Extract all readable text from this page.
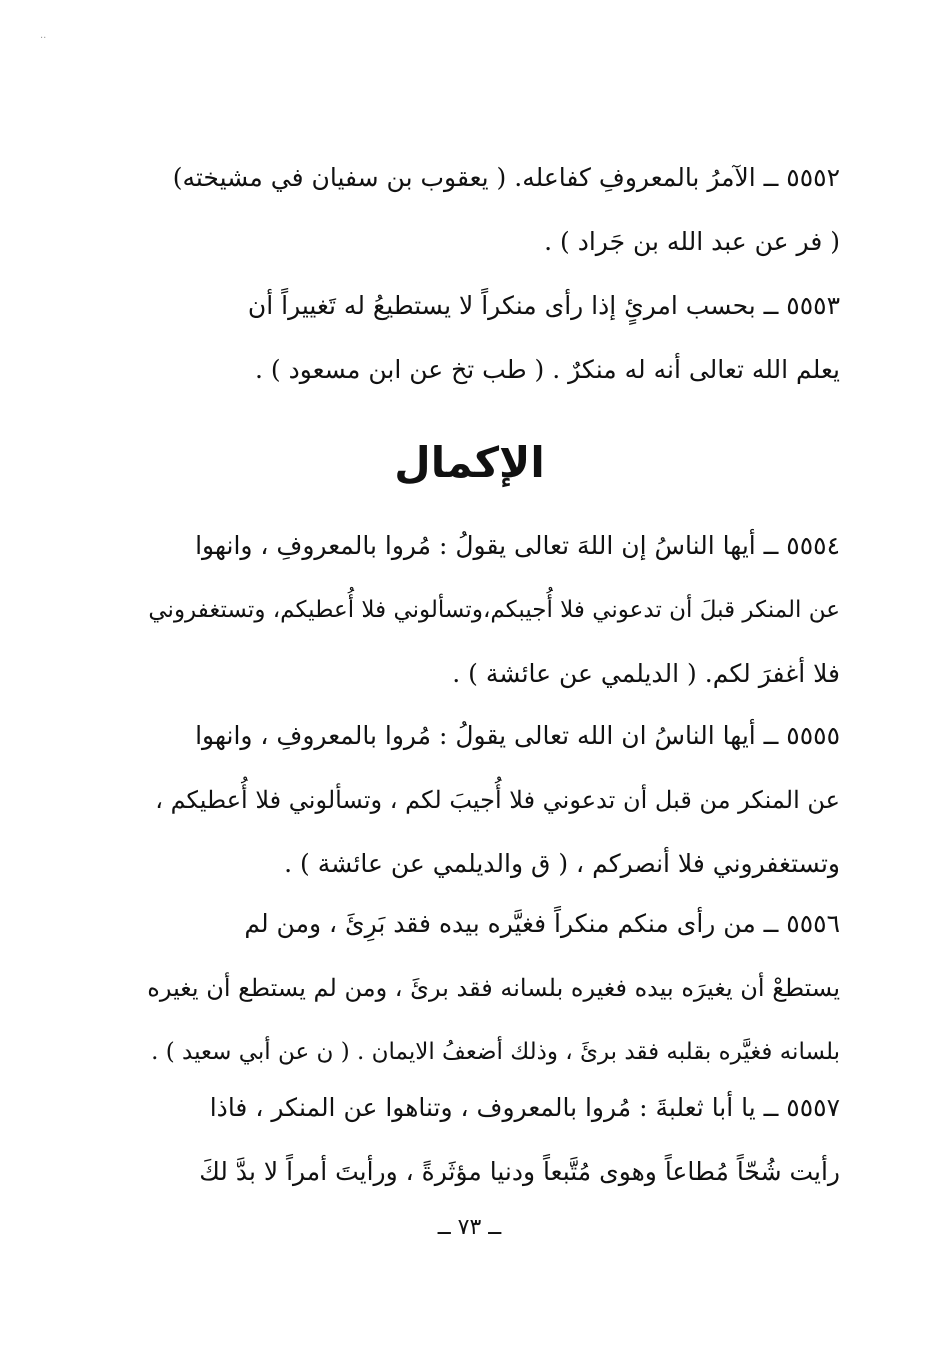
..
٥٥٥٢ ــ الآمرُ بالمعروفِ كفاعله. ( يعقوب بن سفيان في مشيخته)
( فر عن عبد الله بن جَراد ) .
٥٥٥٣ ــ بحسب امرئٍ إذا رأى منكراً لا يستطيعُ له تَغييراً أن
يعلم الله تعالى أنه له منكرٌ . ( طب تخ عن ابن مسعود ) .
الإكمال
٥٥٥٤ ــ أيها الناسُ إن اللهَ تعالى يقولُ : مُروا بالمعروفِ ، وانهوا
عن المنكر قبلَ أن تدعوني فلا أُجيبكم،وتسألوني فلا أُعطيكم، وتستغفروني
فلا أغفرَ لكم. ( الديلمي عن عائشة ) .
٥٥٥٥ ــ أيها الناسُ ان الله تعالى يقولُ : مُروا بالمعروفِ ، وانهوا
عن المنكر من قبل أن تدعوني فلا أُجيبَ لكم ، وتسألوني فلا أُعطيكم ،
وتستغفروني فلا أنصركم ، ( ق والديلمي عن عائشة ) .
٥٥٥٦ ــ من رأى منكم منكراً فغيَّره بيده فقد بَرِئَ ، ومن لم
يستطعْ أن يغيرَه بيده فغيره بلسانه فقد برئَ ، ومن لم يستطع أن يغيره
بلسانه فغيَّره بقلبه فقد برئَ ، وذلك أضعفُ الايمان . ( ن عن أبي سعيد ) .
٥٥٥٧ ــ يا أبا ثعلبةَ : مُروا بالمعروف ، وتناهوا عن المنكر ، فاذا
رأيت شُحّاً مُطاعاً وهوى مُتَّبعاً ودنيا مؤثَرةً ، ورأيتَ أمراً لا بدَّ لكَ
ــ ٧٣ ــ
